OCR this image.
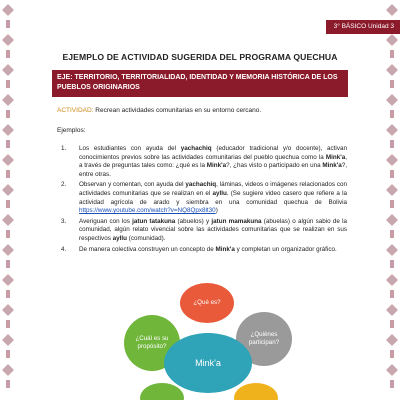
3° BÁSICO Unidad 3
EJEMPLO DE ACTIVIDAD SUGERIDA DEL PROGRAMA QUECHUA
EJE: TERRITORIO, TERRITORIALIDAD, IDENTIDAD Y MEMORIA HISTÓRICA DE LOS PUEBLOS ORIGINARIOS
ACTIVIDAD: Recrean actividades comunitarias en su entorno cercano.
Ejemplos:
1. Los estudiantes con ayuda del yachachiq (educador tradicional y/o docente), activan conocimientos previos sobre las actividades comunitarias del pueblo quechua como la Mink'a, a través de preguntas tales como: ¿qué es la Mink'a?, ¿has visto o participado en una Mink'a?, entre otras.
2. Observan y comentan, con ayuda del yachachiq, láminas, videos o imágenes relacionados con actividades comunitarias que se realizan en el ayllu. (Se sugiere video casero que refiere a la actividad agrícola de arado y siembra en una comunidad quechua de Bolivia https://www.youtube.com/watch?v=NQ8Qpx8lt30)
3. Averiguan con los jatun tatakuna (abuelos) y jatun mamakuna (abuelas) o algún sabio de la comunidad, algún relato vivencial sobre las actividades comunitarias que se realizan en sus respectivos ayllu (comunidad).
4. De manera colectiva construyen un concepto de Mink'a y completan un organizador gráfico.
¿Qué es?
¿Cuál es su propósito?
¿Quiénes participan?
Mink'a
